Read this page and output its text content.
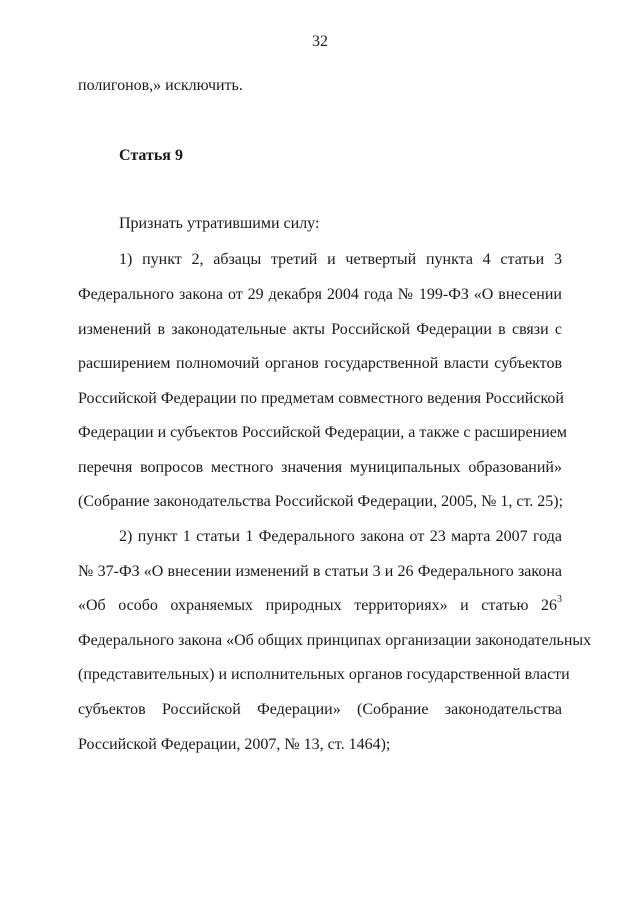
32
полигонов,» исключить.
Статья 9
Признать утратившими силу:
1) пункт 2, абзацы третий и четвертый пункта 4 статьи 3
Федерального закона от 29 декабря 2004 года № 199-ФЗ «О внесении
изменений в законодательные акты Российской Федерации в связи с
расширением полномочий органов государственной власти субъектов
Российской Федерации по предметам совместного ведения Российской
Федерации и субъектов Российской Федерации, а также с расширением
перечня вопросов местного значения муниципальных образований»
(Собрание законодательства Российской Федерации, 2005, № 1, ст. 25);
2) пункт 1 статьи 1 Федерального закона от 23 марта 2007 года
№ 37-ФЗ «О внесении изменений в статьи 3 и 26 Федерального закона
«Об особо охраняемых природных территориях» и статью $26^3$
Федерального закона «Об общих принципах организации законодательных
(представительных) и исполнительных органов государственной власти
субъектов Российской Федерации» (Собрание законодательства
Российской Федерации, 2007, № 13, ст. 1464);
